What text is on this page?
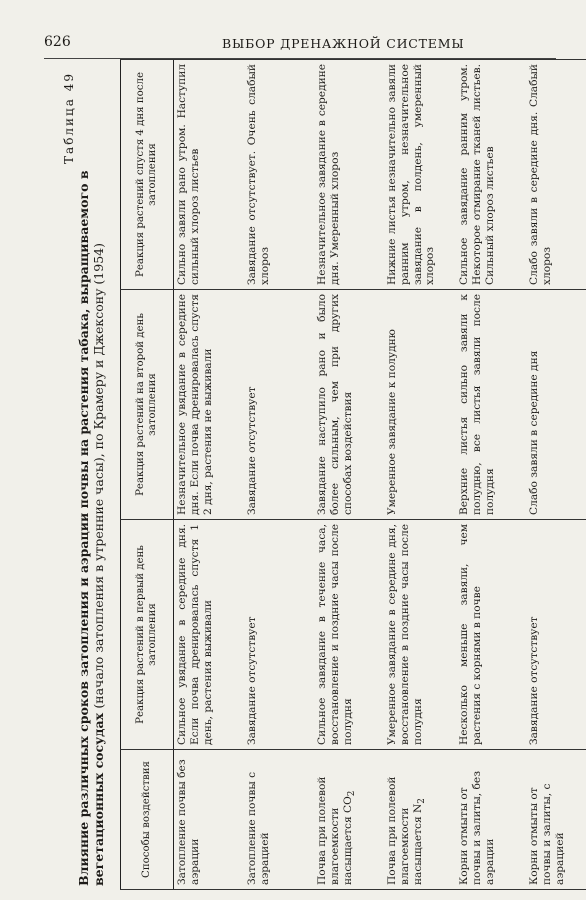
626	ВЫБОР ДРЕНАЖНОЙ СИСТЕМЫ
Таблица 49
Влияние различных сроков затопления и аэрации почвы на растения табака, выращиваемого в вегетационных сосудах (начало затопления в утренние часы), по Крамеру и Джексону (1954)
Способы воздействия	Реакция растений в первый день затопления	Реакция растений на второй день затопления	Реакция растений спустя 4 дня после затопления
Затопление почвы без аэрации	Сильное увядание в середине дня. Если почва дренировалась спустя 1 день, растения выживали	Незначительное увядание в середине дня. Если почва дренировалась спустя 2 дня, растения не выживали	Сильно завяли рано утром. Наступил сильный хлороз листьев
Затопление почвы с аэрацией	Завядание отсутствует	Завядание отсутствует	Завядание отсутствует. Очень слабый хлороз
Почва при полевой влагоемкости насыщается $CO_2$	Сильное завядание в течение часа, восстановление и поздние часы после полудня	Завядание наступило рано и было более сильным, чем при других способах воздействия	Незначительное завядание в середине дня. Умеренный хлороз
Почва при полевой влагоемкости насыщается $N_2$	Умеренное завядание в середине дня, восстановление в поздние часы после полудня	Умеренное завядание к полудню	Нижние листья незначительно завяли ранним утром, незначительное завядание в полдень, умеренный хлороз
Корни отмыты от почвы и залиты, без аэрации	Несколько меньше завяли, чем растения с корнями в почве	Верхние листья сильно завяли к полудню, все листья завяли после полудня	Сильное завядание ранним утром. Некоторое отмирание тканей листьев. Сильный хлороз листьев
Корни отмыты от почвы и залиты, с аэрацией	Завядание отсутствует	Слабо завяли в середине дня	Слабо завяли в середине дня. Слабый хлороз
